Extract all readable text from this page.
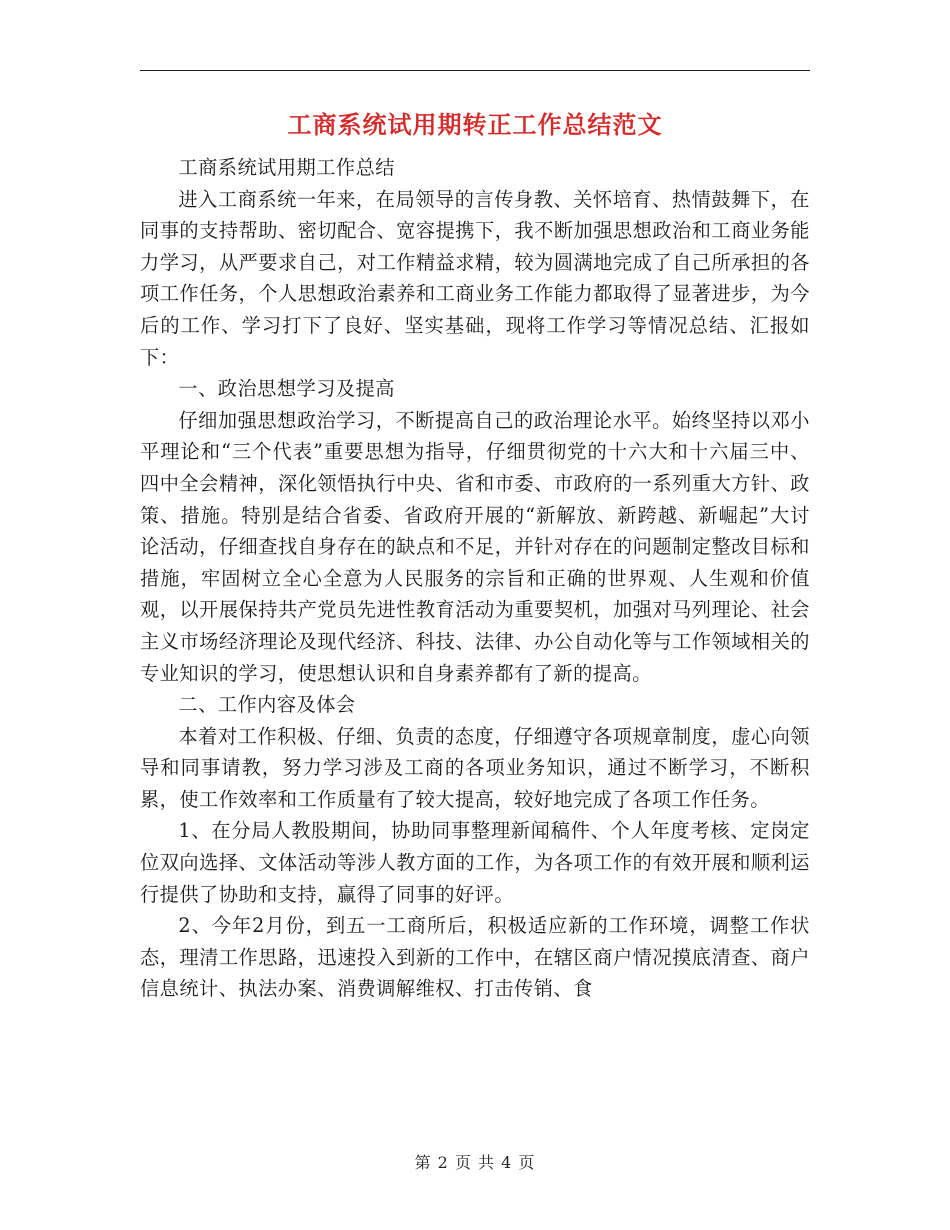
工商系统试用期转正工作总结范文

工商系统试用期工作总结

进入工商系统一年来，在局领导的言传身教、关怀培育、热情鼓舞下，在同事的支持帮助、密切配合、宽容提携下，我不断加强思想政治和工商业务能力学习，从严要求自己，对工作精益求精，较为圆满地完成了自己所承担的各项工作任务，个人思想政治素养和工商业务工作能力都取得了显著进步，为今后的工作、学习打下了良好、坚实基础，现将工作学习等情况总结、汇报如下：

一、政治思想学习及提高

仔细加强思想政治学习，不断提高自己的政治理论水平。始终坚持以邓小平理论和“三个代表”重要思想为指导，仔细贯彻党的十六大和十六届三中、四中全会精神，深化领悟执行中央、省和市委、市政府的一系列重大方针、政策、措施。特别是结合省委、省政府开展的“新解放、新跨越、新崛起”大讨论活动，仔细查找自身存在的缺点和不足，并针对存在的问题制定整改目标和措施，牢固树立全心全意为人民服务的宗旨和正确的世界观、人生观和价值观，以开展保持共产党员先进性教育活动为重要契机，加强对马列理论、社会主义市场经济理论及现代经济、科技、法律、办公自动化等与工作领域相关的专业知识的学习，使思想认识和自身素养都有了新的提高。

二、工作内容及体会

本着对工作积极、仔细、负责的态度，仔细遵守各项规章制度，虚心向领导和同事请教，努力学习涉及工商的各项业务知识，通过不断学习，不断积累，使工作效率和工作质量有了较大提高，较好地完成了各项工作任务。

1、在分局人教股期间，协助同事整理新闻稿件、个人年度考核、定岗定位双向选择、文体活动等涉人教方面的工作，为各项工作的有效开展和顺利运行提供了协助和支持，赢得了同事的好评。

2、今年2月份，到五一工商所后，积极适应新的工作环境，调整工作状态，理清工作思路，迅速投入到新的工作中，在辖区商户情况摸底清查、商户信息统计、执法办案、消费调解维权、打击传销、食

第 2 页 共 4 页
